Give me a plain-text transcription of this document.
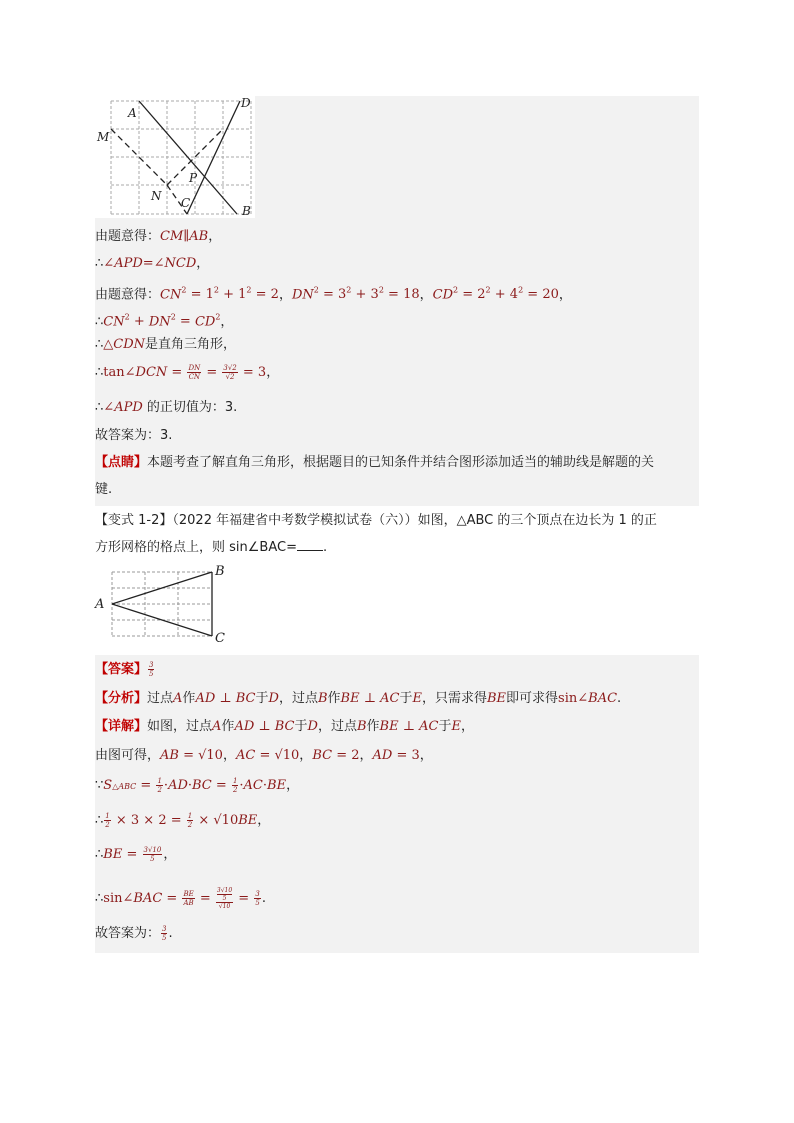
A
M
D
P
N C
B
由题意得：CM∥AB，
∴∠APD=∠NCD，
由题意得：$CN^2 = 1^2 + 1^2 = 2$，$DN^2 = 3^2 + 3^2 = 18$，$CD^2 = 2^2 + 4^2 = 20$，
$\therefore CN^2 + DN^2 = CD^2$，
∴△CDN是直角三角形，
∴tan∠DCN = $\frac{DN}{CN} = \frac{3√2}{√2} = 3$，
∴∠APD 的正切值为：3.
故答案为：3.
【点睛】本题考查了解直角三角形，根据题目的已知条件并结合图形添加适当的辅助线是解题的关
键.
【变式 1-2】（2022 年福建省中考数学模拟试卷（六））如图，△ABC 的三个顶点在边长为 1 的正
方形网格的格点上，则 sin∠BAC= .
A
B
C
【答案】 $\frac{3}{5}$
【分析】过点A作AD ⊥ BC于D，过点B作BE ⊥ AC于E，只需求得BE即可求得sin∠BAC.
【详解】如图，过点A作AD ⊥ BC于D，过点B作BE ⊥ AC于E，
由图可得，AB = √10，AC = √10，BC = 2，AD = 3，
∵S△ABC = $\frac{1}{2} \cdot AD\cdot BC = \frac{1}{2} \cdot AC\cdot BE$，
∴ $\frac{1}{2} \times 3 \times 2 = \frac{1}{2} \times √10BE$，
∴BE = $\frac{3√10}{5}$ ，
∴sin∠BAC = $\frac{BE}{AB} = 3√10$
5
$√10 = \frac{3}{5}$ .
故答案为： $\frac{3}{5}$ .
